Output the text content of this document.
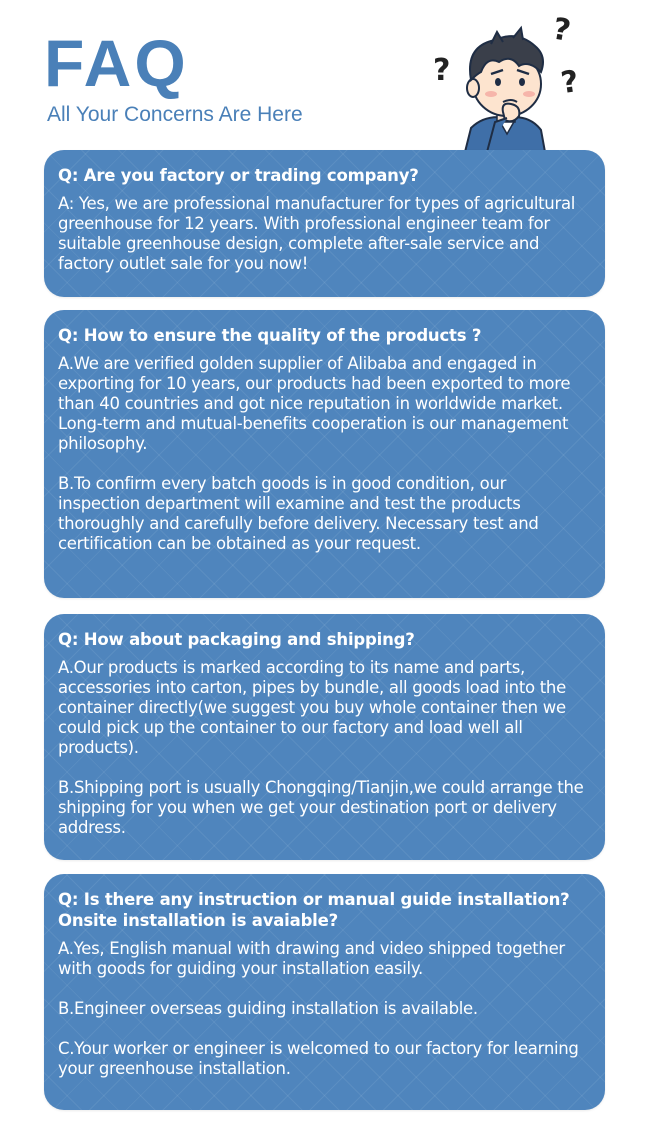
FAQ
All Your Concerns Are Here
?
?
?
Q: Are you factory or trading company?
A: Yes, we are professional manufacturer for types of agricultural greenhouse for 12 years. With professional engineer team for suitable greenhouse design, complete after-sale service and factory outlet sale for you now!
Q: How to ensure the quality of the products ?
A.We are verified golden supplier of Alibaba and engaged in exporting for 10 years, our products had been exported to more than 40 countries and got nice reputation in worldwide market. Long-term and mutual-benefits cooperation is our management philosophy.
B.To confirm every batch goods is in good condition, our inspection department will examine and test the products thoroughly and carefully before delivery. Necessary test and certification can be obtained as your request.
Q: How about packaging and shipping?
A.Our products is marked according to its name and parts, accessories into carton, pipes by bundle, all goods load into the container directly(we suggest you buy whole container then we could pick up the container to our factory and load well all products).
B.Shipping port is usually Chongqing/Tianjin,we could arrange the shipping for you when we get your destination port or delivery address.
Q: Is there any instruction or manual guide installation? Onsite installation is avaiable?
A.Yes, English manual with drawing and video shipped together with goods for guiding your installation easily.
B.Engineer overseas guiding installation is available.
C.Your worker or engineer is welcomed to our factory for learning your greenhouse installation.
